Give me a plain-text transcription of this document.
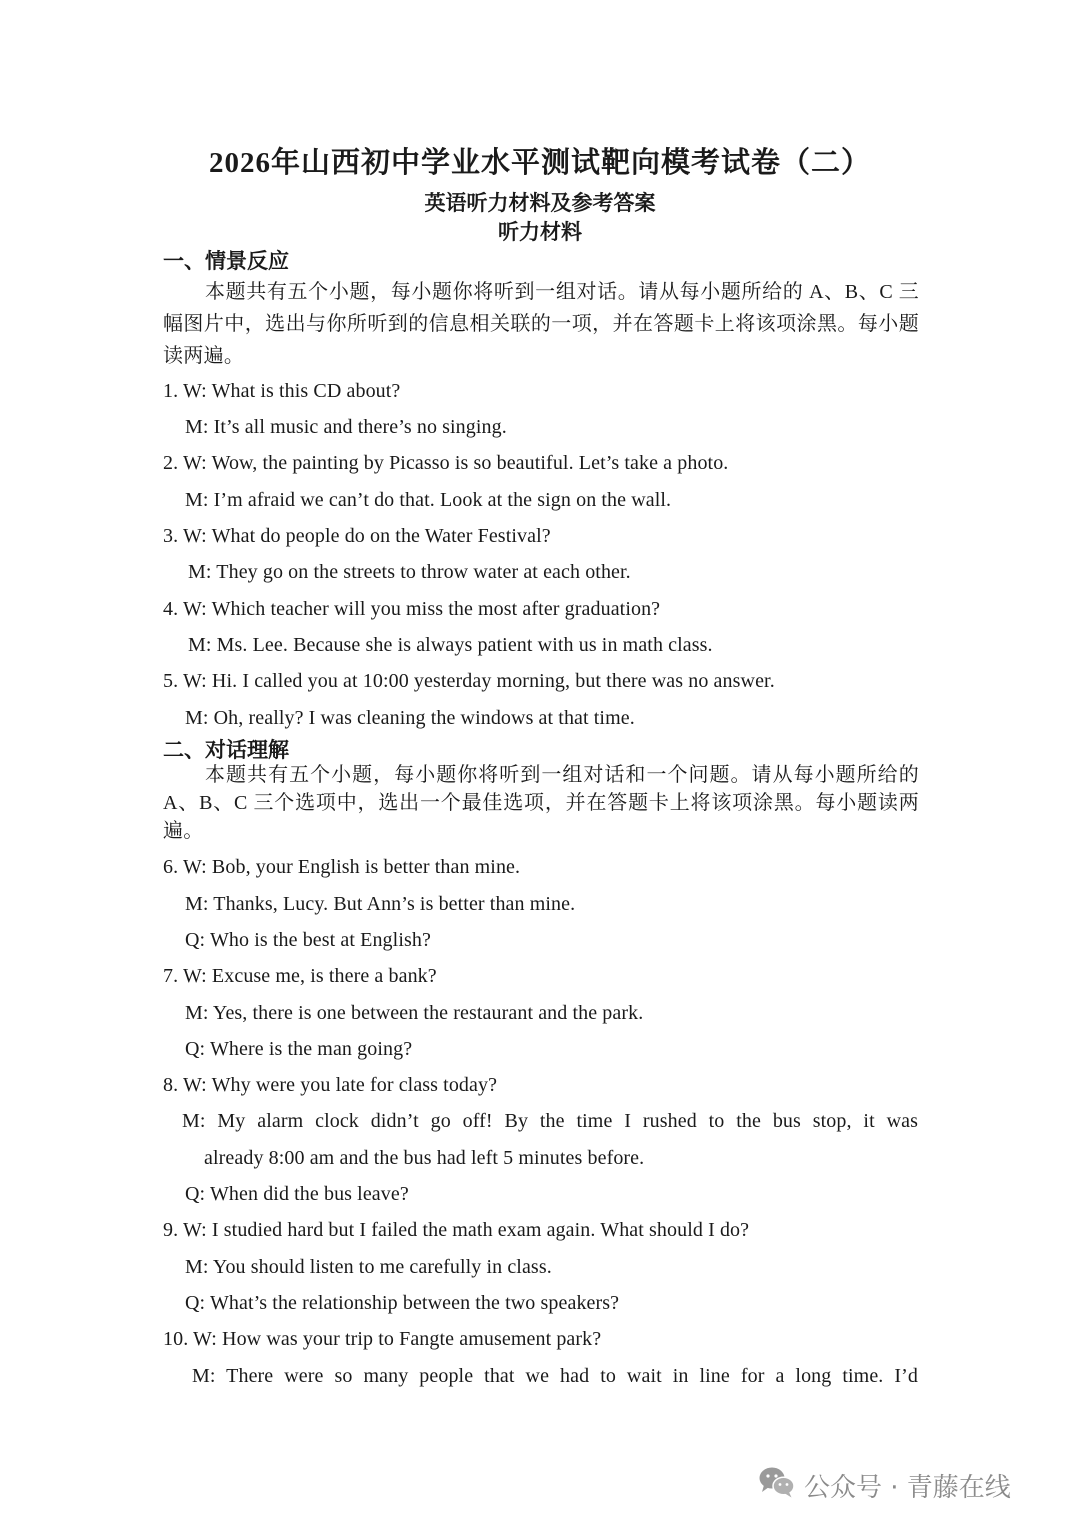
2026年山西初中学业水平测试靶向模考试卷（二）
英语听力材料及参考答案
听力材料
一、情景反应
本题共有五个小题，每小题你将听到一组对话。请从每小题所给的 A、B、C 三幅图片中，选出与你所听到的信息相关联的一项，并在答题卡上将该项涂黑。每小题读两遍。
1. W: What is this CD about?
M: It’s all music and there’s no singing.
2. W: Wow, the painting by Picasso is so beautiful. Let’s take a photo.
M: I’m afraid we can’t do that. Look at the sign on the wall.
3. W: What do people do on the Water Festival?
M: They go on the streets to throw water at each other.
4. W: Which teacher will you miss the most after graduation?
M: Ms. Lee. Because she is always patient with us in math class.
5. W: Hi. I called you at 10:00 yesterday morning, but there was no answer.
M: Oh, really? I was cleaning the windows at that time.
二、对话理解
本题共有五个小题，每小题你将听到一组对话和一个问题。请从每小题所给的 A、B、C 三个选项中，选出一个最佳选项，并在答题卡上将该项涂黑。每小题读两遍。
6. W: Bob, your English is better than mine.
M: Thanks, Lucy. But Ann’s is better than mine.
Q: Who is the best at English?
7. W: Excuse me, is there a bank?
M: Yes, there is one between the restaurant and the park.
Q: Where is the man going?
8. W: Why were you late for class today?
M: My alarm clock didn’t go off! By the time I rushed to the bus stop, it was
already 8:00 am and the bus had left 5 minutes before.
Q: When did the bus leave?
9. W: I studied hard but I failed the math exam again. What should I do?
M: You should listen to me carefully in class.
Q: What’s the relationship between the two speakers?
10. W: How was your trip to Fangte amusement park?
M: There were so many people that we had to wait in line for a long time. I’d
公众号 · 青藤在线
